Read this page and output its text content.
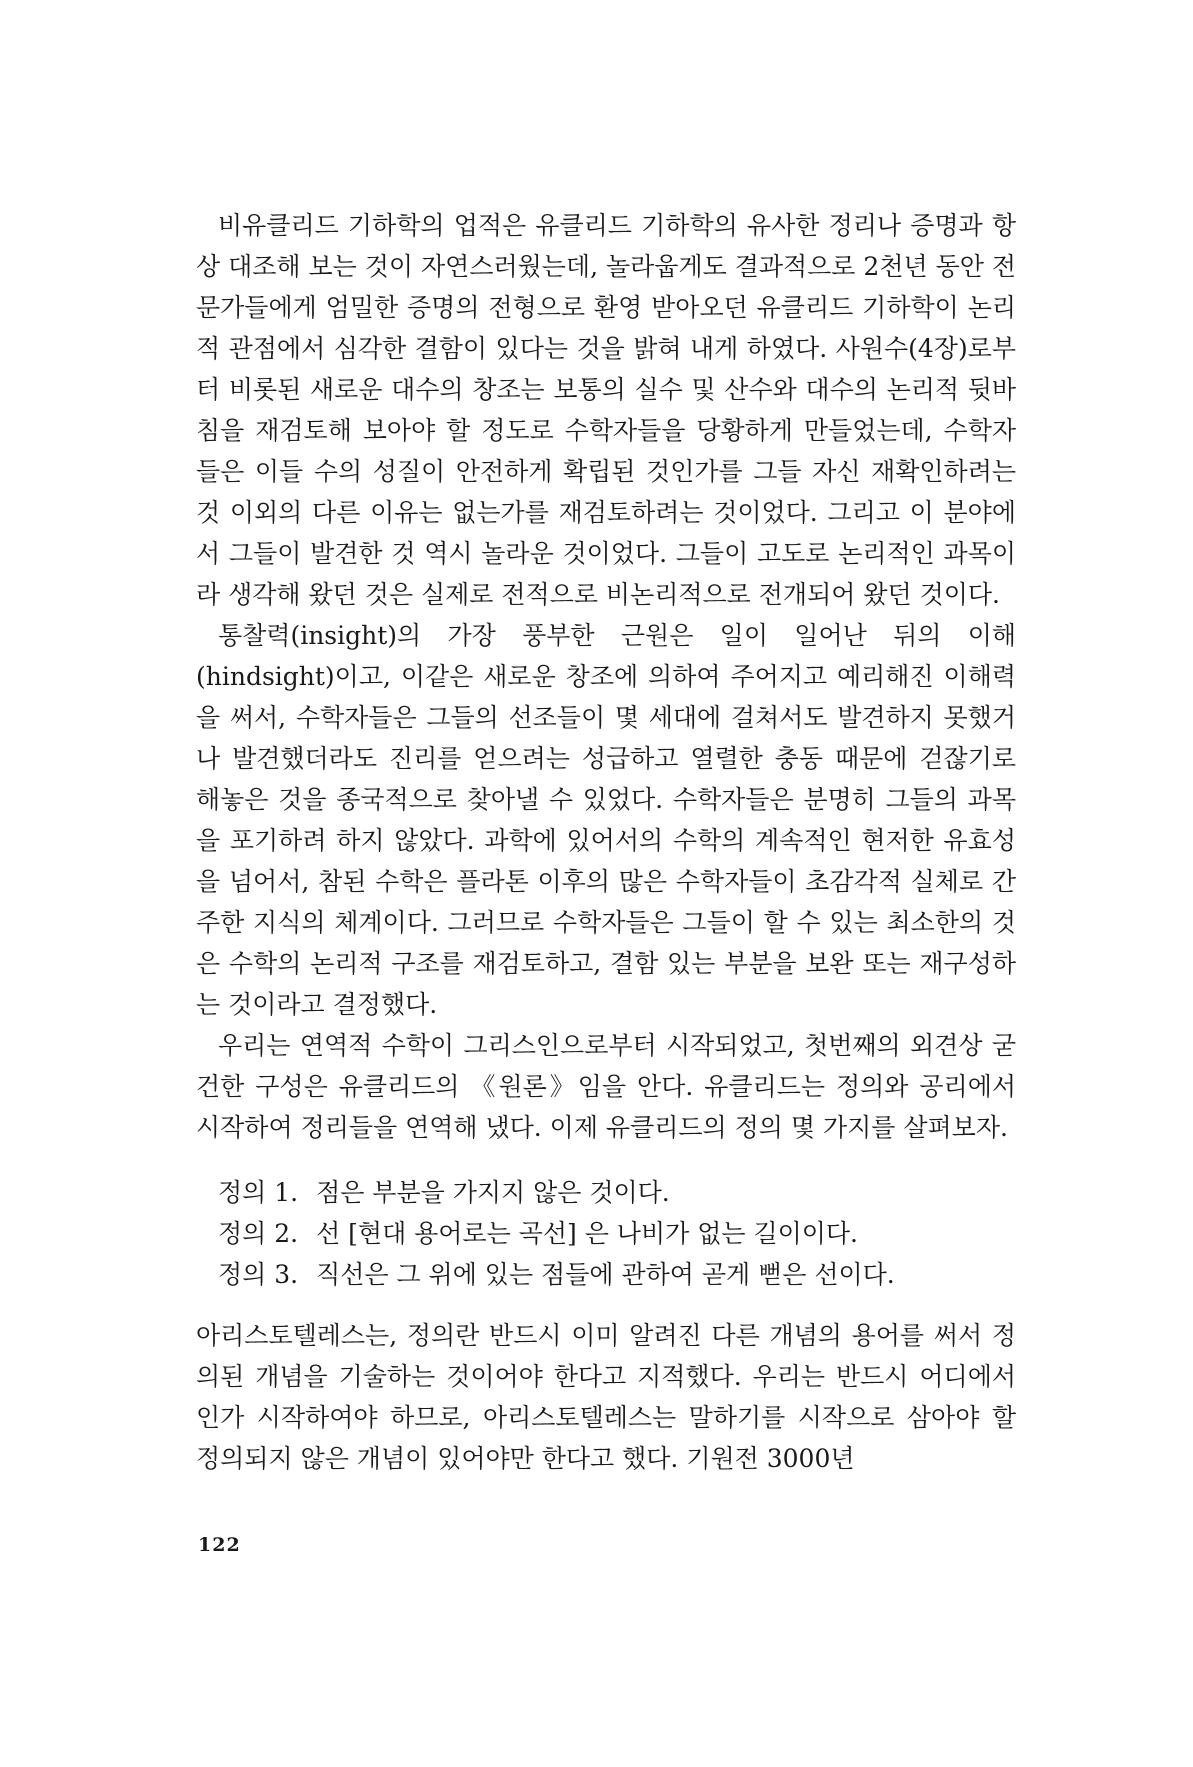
비유클리드 기하학의 업적은 유클리드 기하학의 유사한 정리나 증명과 항상 대조해 보는 것이 자연스러웠는데, 놀라웁게도 결과적으로 2천년 동안 전문가들에게 엄밀한 증명의 전형으로 환영 받아오던 유클리드 기하학이 논리적 관점에서 심각한 결함이 있다는 것을 밝혀 내게 하였다. 사원수(4장)로부터 비롯된 새로운 대수의 창조는 보통의 실수 및 산수와 대수의 논리적 뒷바침을 재검토해 보아야 할 정도로 수학자들을 당황하게 만들었는데, 수학자들은 이들 수의 성질이 안전하게 확립된 것인가를 그들 자신 재확인하려는 것 이외의 다른 이유는 없는가를 재검토하려는 것이었다. 그리고 이 분야에서 그들이 발견한 것 역시 놀라운 것이었다. 그들이 고도로 논리적인 과목이라 생각해 왔던 것은 실제로 전적으로 비논리적으로 전개되어 왔던 것이다.

통찰력(insight)의 가장 풍부한 근원은 일이 일어난 뒤의 이해(hindsight)이고, 이같은 새로운 창조에 의하여 주어지고 예리해진 이해력을 써서, 수학자들은 그들의 선조들이 몇 세대에 걸쳐서도 발견하지 못했거나 발견했더라도 진리를 얻으려는 성급하고 열렬한 충동 때문에 걷잖기로 해놓은 것을 종국적으로 찾아낼 수 있었다. 수학자들은 분명히 그들의 과목을 포기하려 하지 않았다. 과학에 있어서의 수학의 계속적인 현저한 유효성을 넘어서, 참된 수학은 플라톤 이후의 많은 수학자들이 초감각적 실체로 간주한 지식의 체계이다. 그러므로 수학자들은 그들이 할 수 있는 최소한의 것은 수학의 논리적 구조를 재검토하고, 결함 있는 부분을 보완 또는 재구성하는 것이라고 결정했다.

우리는 연역적 수학이 그리스인으로부터 시작되었고, 첫번째의 외견상 굳건한 구성은 유클리드의 《원론》임을 안다. 유클리드는 정의와 공리에서 시작하여 정리들을 연역해 냈다. 이제 유클리드의 정의 몇 가지를 살펴보자.

정의 1. 점은 부분을 가지지 않은 것이다.
정의 2. 선 [현대 용어로는 곡선] 은 나비가 없는 길이이다.
정의 3. 직선은 그 위에 있는 점들에 관하여 곧게 뻗은 선이다.

아리스토텔레스는, 정의란 반드시 이미 알려진 다른 개념의 용어를 써서 정의된 개념을 기술하는 것이어야 한다고 지적했다. 우리는 반드시 어디에서인가 시작하여야 하므로, 아리스토텔레스는 말하기를 시작으로 삼아야 할 정의되지 않은 개념이 있어야만 한다고 했다. 기원전 3000년

122
